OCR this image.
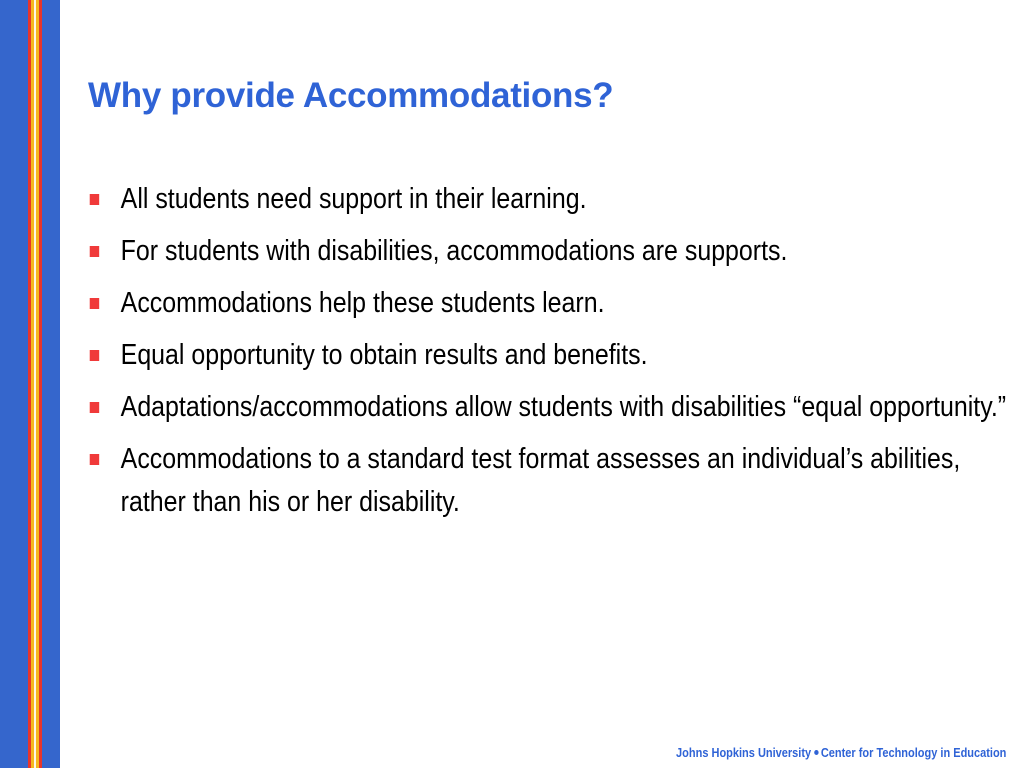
Why provide Accommodations?
All students need support in their learning.
For students with disabilities, accommodations are supports.
Accommodations help these students learn.
Equal opportunity to obtain results and benefits.
Adaptations/accommodations allow students with disabilities “equal opportunity.”
Accommodations to a standard test format assesses an individual’s abilities, rather than his or her disability.
Johns Hopkins University Center for Technology in Education
